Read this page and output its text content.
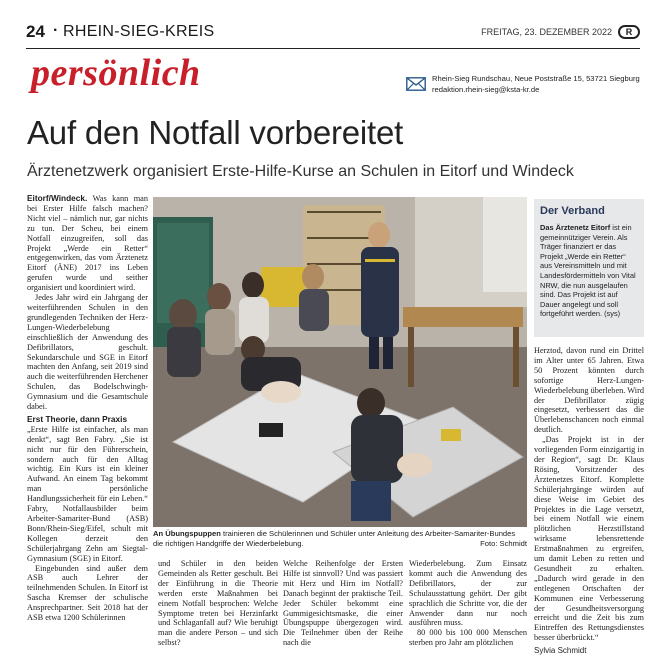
24 · RHEIN-SIEG-KREIS	FREITAG, 23. DEZEMBER 2022	R
persönlich	Rhein-Sieg Rundschau, Neue Poststraße 15, 53721 Siegburg
redaktion.rhein-sieg@ksta-kr.de
Auf den Notfall vorbereitet
Ärztenetzwerk organisiert Erste-Hilfe-Kurse an Schulen in Eitorf und Windeck

Eitorf/Windeck. Was kann man bei Erster Hilfe falsch machen? Nicht viel – nämlich nur, gar nichts zu tun. Der Scheu, bei einem Notfall einzugreifen, soll das Projekt „Werde ein Retter“ entgegenwirken, das vom Ärztenetz Eitorf (ÄNE) 2017 ins Leben gerufen wurde und seither organisiert und koordiniert wird.

Jedes Jahr wird ein Jahrgang der weiterführenden Schulen in den grundlegenden Techniken der Herz-Lungen-Wiederbelebung einschließlich der Anwendung des Defibrillators, geschult. Sekundarschule und SGE in Eitorf machten den Anfang, seit 2019 sind auch die weiterführenden Herchener Schulen, das Bodelschwingh-Gymnasium und die Gesamtschule dabei.

Erst Theorie, dann Praxis

„Erste Hilfe ist einfacher, als man denkt“, sagt Ben Fabry. „Sie ist nicht nur für den Führerschein, sondern auch für den Alltag wichtig. Ein Kurs ist ein kleiner Aufwand. An einem Tag bekommt man persönliche Handlungssicherheit für ein Leben.“ Fabry, Notfallausbilder beim Arbeiter-Samariter-Bund (ASB) Bonn/Rhein-Sieg/Eifel, schult mit Kollegen derzeit den Schülerjahrgang Zehn am Siegtal-Gymnasium (SGE) in Eitorf.

Eingebunden sind außer dem ASB auch Lehrer der teilnehmenden Schulen. In Eitorf ist Sascha Kremser der schulische Ansprechpartner. Seit 2018 hat der ASB etwa 1200 Schülerinnen

An Übungspuppen trainieren die Schülerinnen und Schüler unter Anleitung des Arbeiter-Samariter-Bundes die richtigen Handgriffe der Wiederbelebung.	Foto: Schmidt

und Schüler in den beiden Gemeinden als Retter geschult. Bei der Einführung in die Theorie werden erste Maßnahmen bei einem Notfall besprochen: Welche Symptome treten bei Herzinfarkt und Schlaganfall auf? Wie beruhigt man die andere Person – und sich selbst?

Welche Reihenfolge der Ersten Hilfe ist sinnvoll? Und was passiert mit Herz und Hirn im Notfall? Danach beginnt der praktische Teil. Jeder Schüler bekommt eine Gummigesichtsmaske, die einer Übungspuppe übergezogen wird. Die Teilnehmer üben der Reihe nach die

Wiederbelebung. Zum Einsatz kommt auch die Anwendung des Defibrillators, der zur Schulausstattung gehört. Der gibt sprachlich die Schritte vor, die der Anwender dann nur noch ausführen muss.

80 000 bis 100 000 Menschen sterben pro Jahr am plötzlichen

Der Verband
Das Ärztenetz Eitorf ist ein gemeinnütziger Verein. Als Träger finanziert er das Projekt „Werde ein Retter“ aus Vereinsmitteln und mit Landesfördermitteln von Vital NRW, die nun ausgelaufen sind. Das Projekt ist auf Dauer angelegt und soll fortgeführt werden. (sys)

Herztod, davon rund ein Drittel im Alter unter 65 Jahren. Etwa 50 Prozent könnten durch sofortige Herz-Lungen-Wiederbelebung überleben. Wird der Defibrillator zügig eingesetzt, verbessert das die Überlebenschancen noch einmal deutlich.

„Das Projekt ist in der vorliegenden Form einzigartig in der Region“, sagt Dr. Klaus Rösing, Vorsitzender des Ärztenetzes Eitorf. Komplette Schülerjahrgänge würden auf diese Weise im Gebiet des Projektes in die Lage versetzt, bei einem Notfall wie einem plötzlichen Herzstillstand wirksame lebensrettende Erstmaßnahmen zu ergreifen, um damit Leben zu retten und Gesundheit zu erhalten. „Dadurch wird gerade in den entlegenen Ortschaften der Kommunen eine Verbesserung der Gesundheitsversorgung erreicht und die Zeit bis zum Eintreffen des Rettungsdienstes besser überbrückt.“

Sylvia Schmidt
